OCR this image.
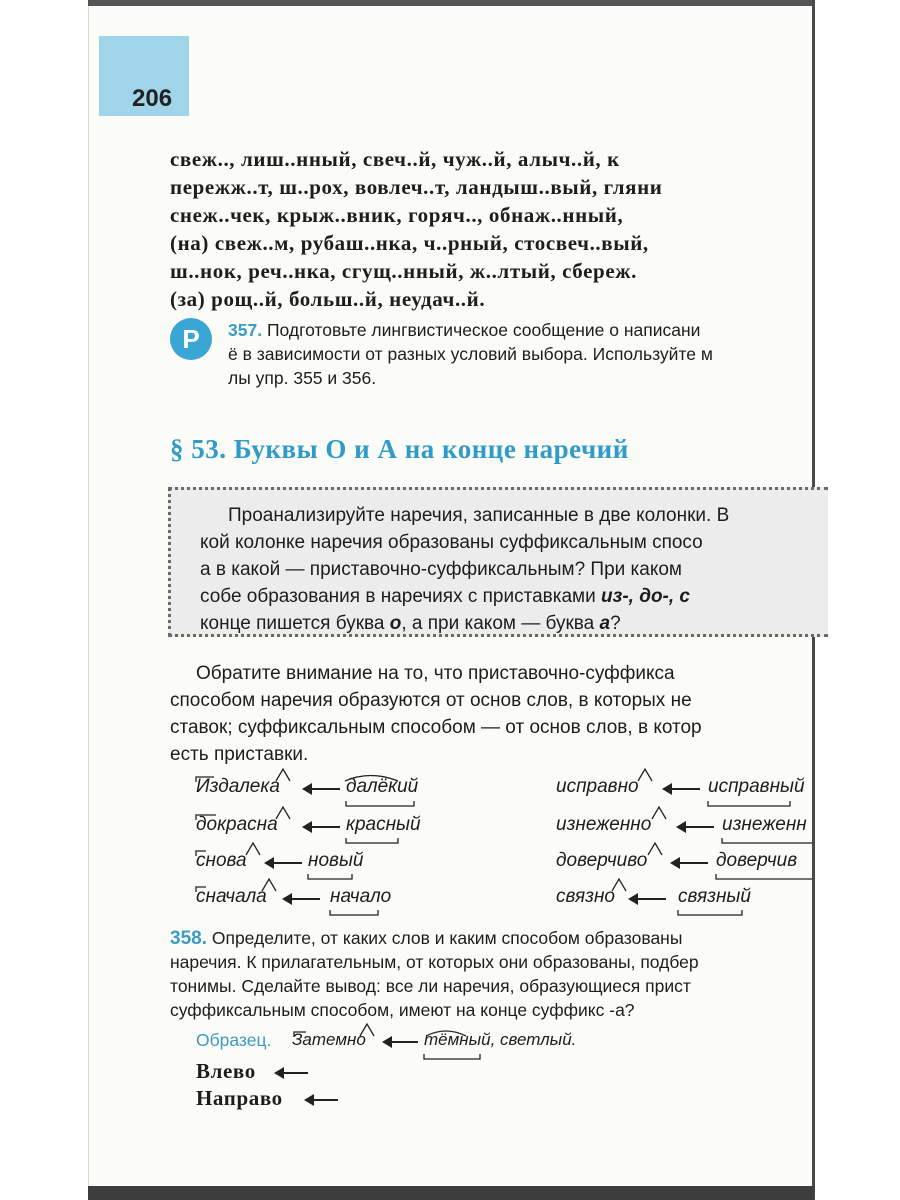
206
свеж.., лиш..нный, свеч..й, чуж..й, алыч..й, к
пережж..т, ш..рох, вовлеч..т, ландыш..вый, гляни
снеж..чек, крыж..вник, горяч.., обнаж..нный,
(на) свеж..м, рубаш..нка, ч..рный, стосвеч..вый,
ш..нок, реч..нка, сгущ..нный, ж..лтый, сбереж.
(за) рощ..й, больш..й, неудач..й.
Р	357. Подготовьте лингвистическое сообщение о написани
ё в зависимости от разных условий выбора. Используйте м
лы упр. 355 и 356.
§ 53. Буквы О и А на конце наречий
Проанализируйте наречия, записанные в две колонки. В
кой колонке наречия образованы суффиксальным спосо
а в какой — приставочно-суффиксальным? При каком
собе образования в наречиях с приставками из-, до-, с
конце пишется буква о, а при каком — буква а?
Обратите внимание на то, что приставочно-суффикса
способом наречия образуются от основ слов, в которых не
ставок; суффиксальным способом — от основ слов, в котор
есть приставки.
Издалека	далёкий
докрасна	красный
снова	новый
сначала	начало
исправно	исправный
изнеженно	изнеженн
доверчиво	доверчив
связно	связный
358. Определите, от каких слов и каким способом образованы
наречия. К прилагательным, от которых они образованы, подбер
тонимы. Сделайте вывод: все ли наречия, образующиеся прист
суффиксальным способом, имеют на конце суффикс -а?
Образец. Затемно	тёмный, светлый.
Влево
Направо
